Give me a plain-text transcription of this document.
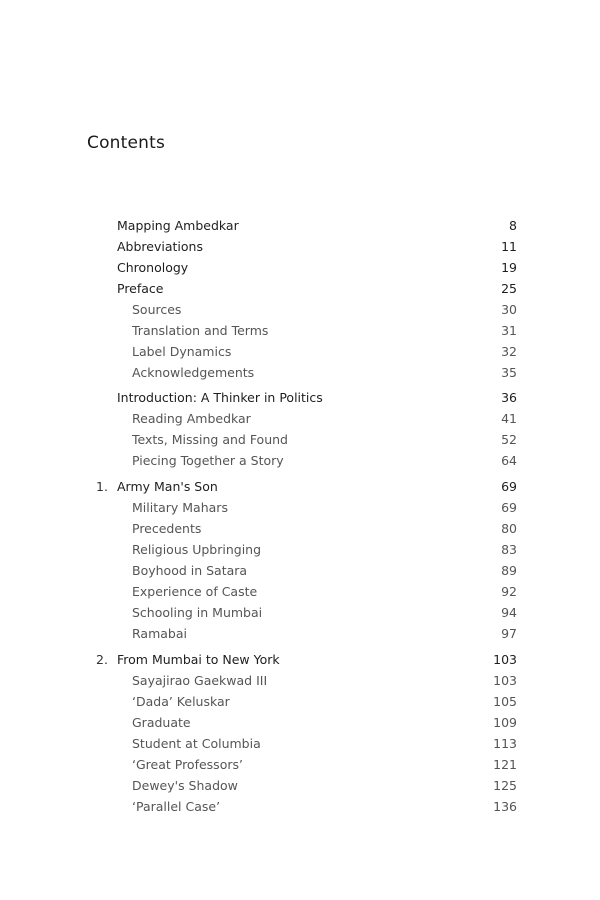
Contents
Mapping Ambedkar	8
Abbreviations	11
Chronology	19
Preface	25
Sources	30
Translation and Terms	31
Label Dynamics	32
Acknowledgements	35
Introduction: A Thinker in Politics	36
Reading Ambedkar	41
Texts, Missing and Found	52
Piecing Together a Story	64
1. Army Man's Son	69
Military Mahars	69
Precedents	80
Religious Upbringing	83
Boyhood in Satara	89
Experience of Caste	92
Schooling in Mumbai	94
Ramabai	97
2. From Mumbai to New York	103
Sayajirao Gaekwad III	103
‘Dada’ Keluskar	105
Graduate	109
Student at Columbia	113
‘Great Professors’	121
Dewey's Shadow	125
‘Parallel Case’	136
